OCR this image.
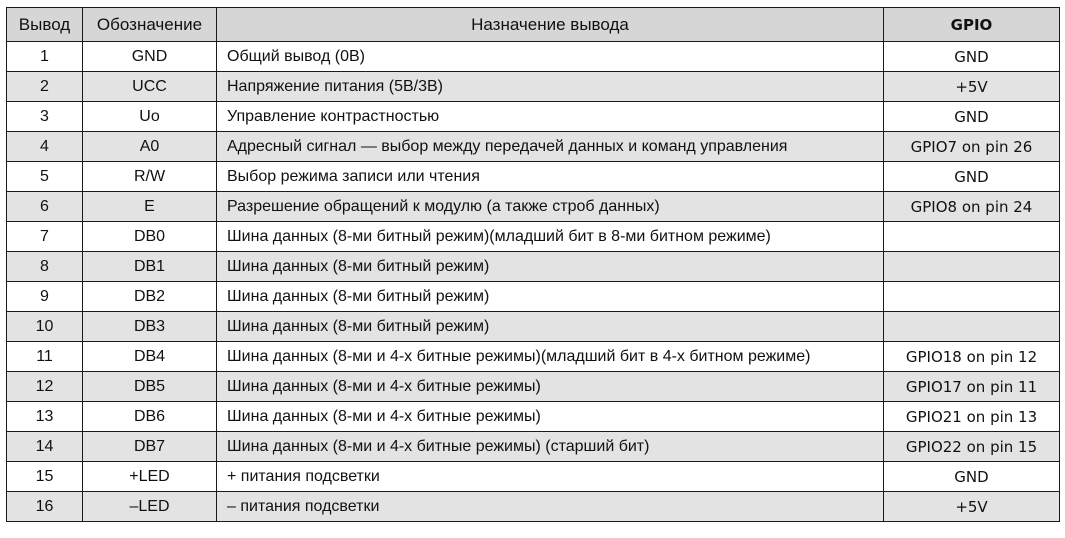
Вывод	Обозначение	Назначение вывода	GPIO
1	GND	Общий вывод (0В)	GND
2	UCC	Напряжение питания (5В/3В)	+5V
3	Uo	Управление контрастностью	GND
4	A0	Адресный сигнал — выбор между передачей данных и команд управления	GPIO7 on pin 26
5	R/W	Выбор режима записи или чтения	GND
6	E	Разрешение обращений к модулю (а также строб данных)	GPIO8 on pin 24
7	DB0	Шина данных (8-ми битный режим)(младший бит в 8-ми битном режиме)	
8	DB1	Шина данных (8-ми битный режим)	
9	DB2	Шина данных (8-ми битный режим)	
10	DB3	Шина данных (8-ми битный режим)	
11	DB4	Шина данных (8-ми и 4-х битные режимы)(младший бит в 4-х битном режиме)	GPIO18 on pin 12
12	DB5	Шина данных (8-ми и 4-х битные режимы)	GPIO17 on pin 11
13	DB6	Шина данных (8-ми и 4-х битные режимы)	GPIO21 on pin 13
14	DB7	Шина данных (8-ми и 4-х битные режимы) (старший бит)	GPIO22 on pin 15
15	+LED	+ питания подсветки	GND
16	–LED	– питания подсветки	+5V
